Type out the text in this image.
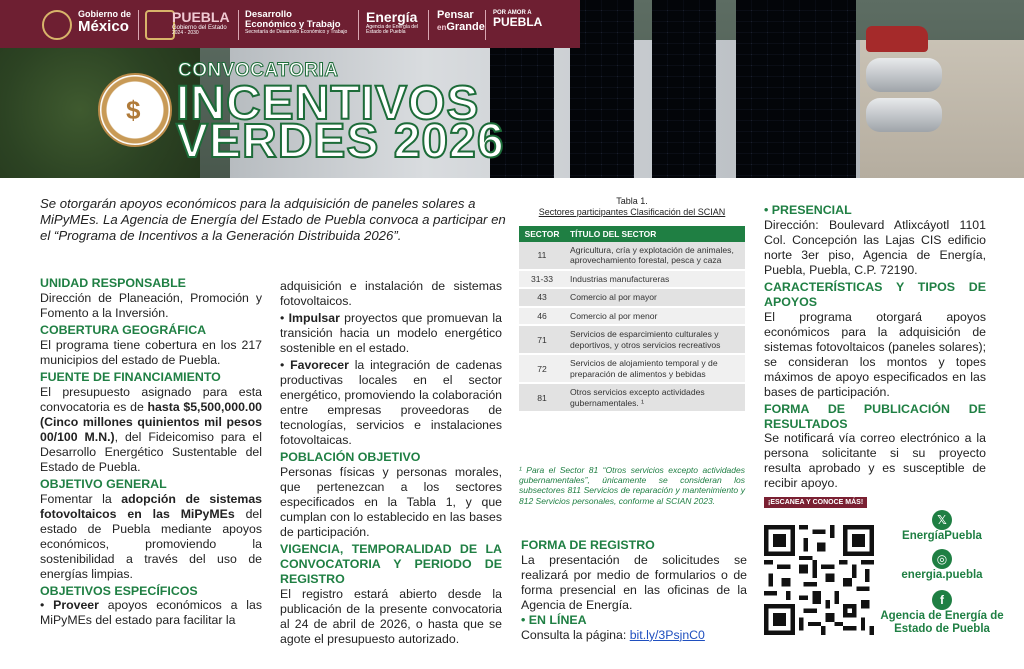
Gobierno de
México
PUEBLA
Gobierno del Estado
2024 - 2030
Desarrollo
Económico y Trabajo
Secretaría de Desarrollo Económico y Trabajo
Energía
Agencia de Energía del
Estado de Puebla
Pensar
enGrande
POR AMOR A
PUEBLA
CONVOCATORIA
$ INCENTIVOS
VERDES 2026
Se otorgarán apoyos económicos para la adquisición de paneles solares a MiPyMEs. La Agencia de Energía del Estado de Puebla convoca a participar en el “Programa de Incentivos a la Generación Distribuida 2026”.
UNIDAD RESPONSABLE

Dirección de Planeación, Promoción y Fomento a la Inversión.

COBERTURA GEOGRÁFICA

El programa tiene cobertura en los 217 municipios del estado de Puebla.

FUENTE DE FINANCIAMIENTO

El presupuesto asignado para esta convocatoria es de hasta $5,500,000.00 (Cinco millones quinientos mil pesos 00/100 M.N.), del Fideicomiso para el Desarrollo Energético Sustentable del Estado de Puebla.

OBJETIVO GENERAL

Fomentar la adopción de sistemas fotovoltaicos en las MiPyMEs del estado de Puebla mediante apoyos económicos, promoviendo la sostenibilidad a través del uso de energías limpias.

OBJETIVOS ESPECÍFICOS

• Proveer apoyos económicos a las MiPyMEs del estado para facilitar la

adquisición e instalación de sistemas fotovoltaicos.

• Impulsar proyectos que promuevan la transición hacia un modelo energético sostenible en el estado.

• Favorecer la integración de cadenas productivas locales en el sector energético, promoviendo la colaboración entre empresas proveedoras de tecnologías, servicios e instalaciones fotovoltaicas.

POBLACIÓN OBJETIVO

Personas físicas y personas morales, que pertenezcan a los sectores especificados en la Tabla 1, y que cumplan con lo establecido en las bases de participación.

VIGENCIA, TEMPORALIDAD DE LA CONVOCATORIA Y PERIODO DE REGISTRO

El registro estará abierto desde la publicación de la presente convocatoria al 24 de abril de 2026, o hasta que se agote el presupuesto autorizado.

Tabla 1.
Sectores participantes Clasificación del SCIAN
SECTOR	TÍTULO DEL SECTOR
11	Agricultura, cría y explotación de animales, aprovechamiento forestal, pesca y caza
31-33	Industrias manufactureras
43	Comercio al por mayor
46	Comercio al por menor
71	Servicios de esparcimiento culturales y deportivos, y otros servicios recreativos
72	Servicios de alojamiento temporal y de preparación de alimentos y bebidas
81	Otros servicios excepto actividades gubernamentales. ¹
¹ Para el Sector 81 “Otros servicios excepto actividades gubernamentales”, únicamente se consideran los subsectores 811 Servicios de reparación y mantenimiento y 812 Servicios personales, conforme al SCIAN 2023.
FORMA DE REGISTRO

La presentación de solicitudes se realizará por medio de formularios o de forma presencial en las oficinas de la Agencia de Energía.

• EN LÍNEA

Consulta la página: bit.ly/3PsjnC0

• PRESENCIAL

Dirección: Boulevard Atlixcáyotl 1101 Col. Concepción las Lajas CIS edificio norte 3er piso, Agencia de Energía, Puebla, Puebla, C.P. 72190.

CARACTERÍSTICAS Y TIPOS DE APOYOS

El programa otorgará apoyos económicos para la adquisición de sistemas fotovoltaicos (paneles solares); se consideran los montos y topes máximos de apoyo especificados en las bases de participación.

FORMA DE PUBLICACIÓN DE RESULTADOS

Se notificará vía correo electrónico a la persona solicitante si su proyecto resulta aprobado y es susceptible de recibir apoyo.

¡ESCANEA Y CONOCE MÁS!
𝕏
EnergíaPuebla
◎
energia.puebla
f
Agencia de Energía de Estado de Puebla
